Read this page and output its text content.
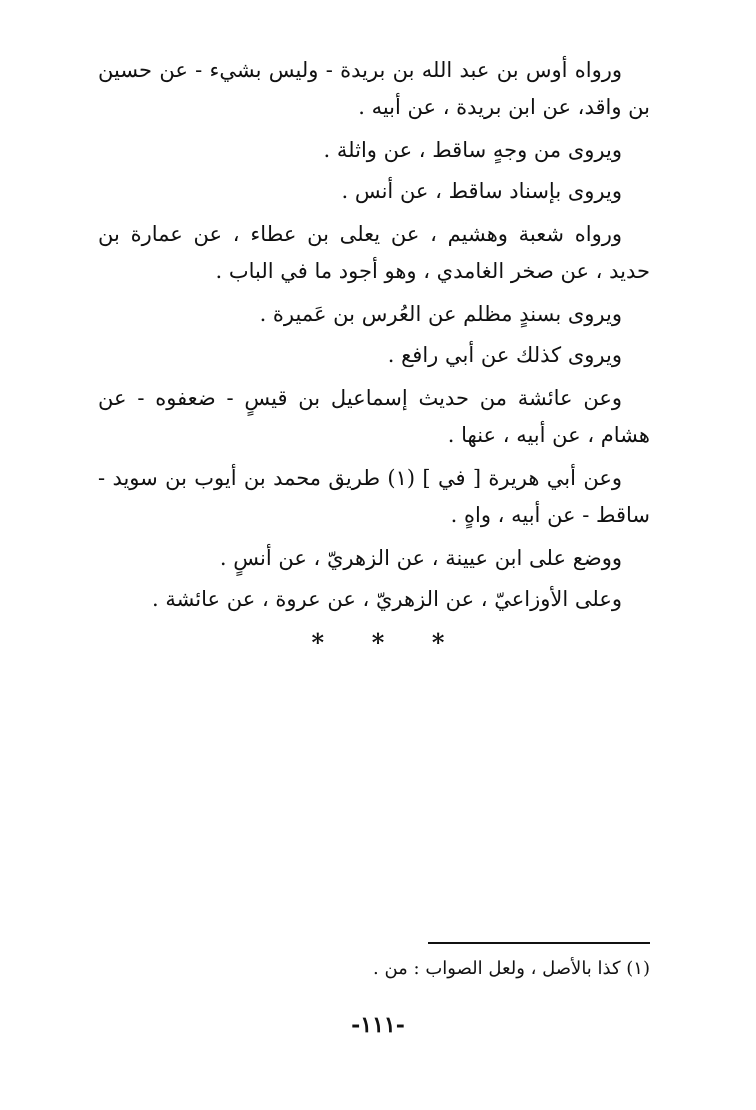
ورواه أوس بن عبد الله بن بريدة - وليس بشيء - عن حسين بن واقد، عن ابن بريدة ، عن أبيه .

ويروى من وجهٍ ساقط ، عن واثلة .

ويروى بإسناد ساقط ، عن أنس .

ورواه شعبة وهشيم ، عن يعلى بن عطاء ، عن عمارة بن حديد ، عن صخر الغامدي ، وهو أجود ما في الباب .

ويروى بسندٍ مظلم عن العُرس بن عَميرة .

ويروى كذلك عن أبي رافع .

وعن عائشة من حديث إسماعيل بن قيسٍ - ضعفوه - عن هشام ، عن أبيه ، عنها .

وعن أبي هريرة [ في ] (١) طريق محمد بن أيوب بن سويد - ساقط - عن أبيه ، واهٍ .

ووضع على ابن عيينة ، عن الزهريّ ، عن أنسٍ .

وعلى الأوزاعيّ ، عن الزهريّ ، عن عروة ، عن عائشة .

* * *
(١) كذا بالأصل ، ولعل الصواب : من .
-١١١-
